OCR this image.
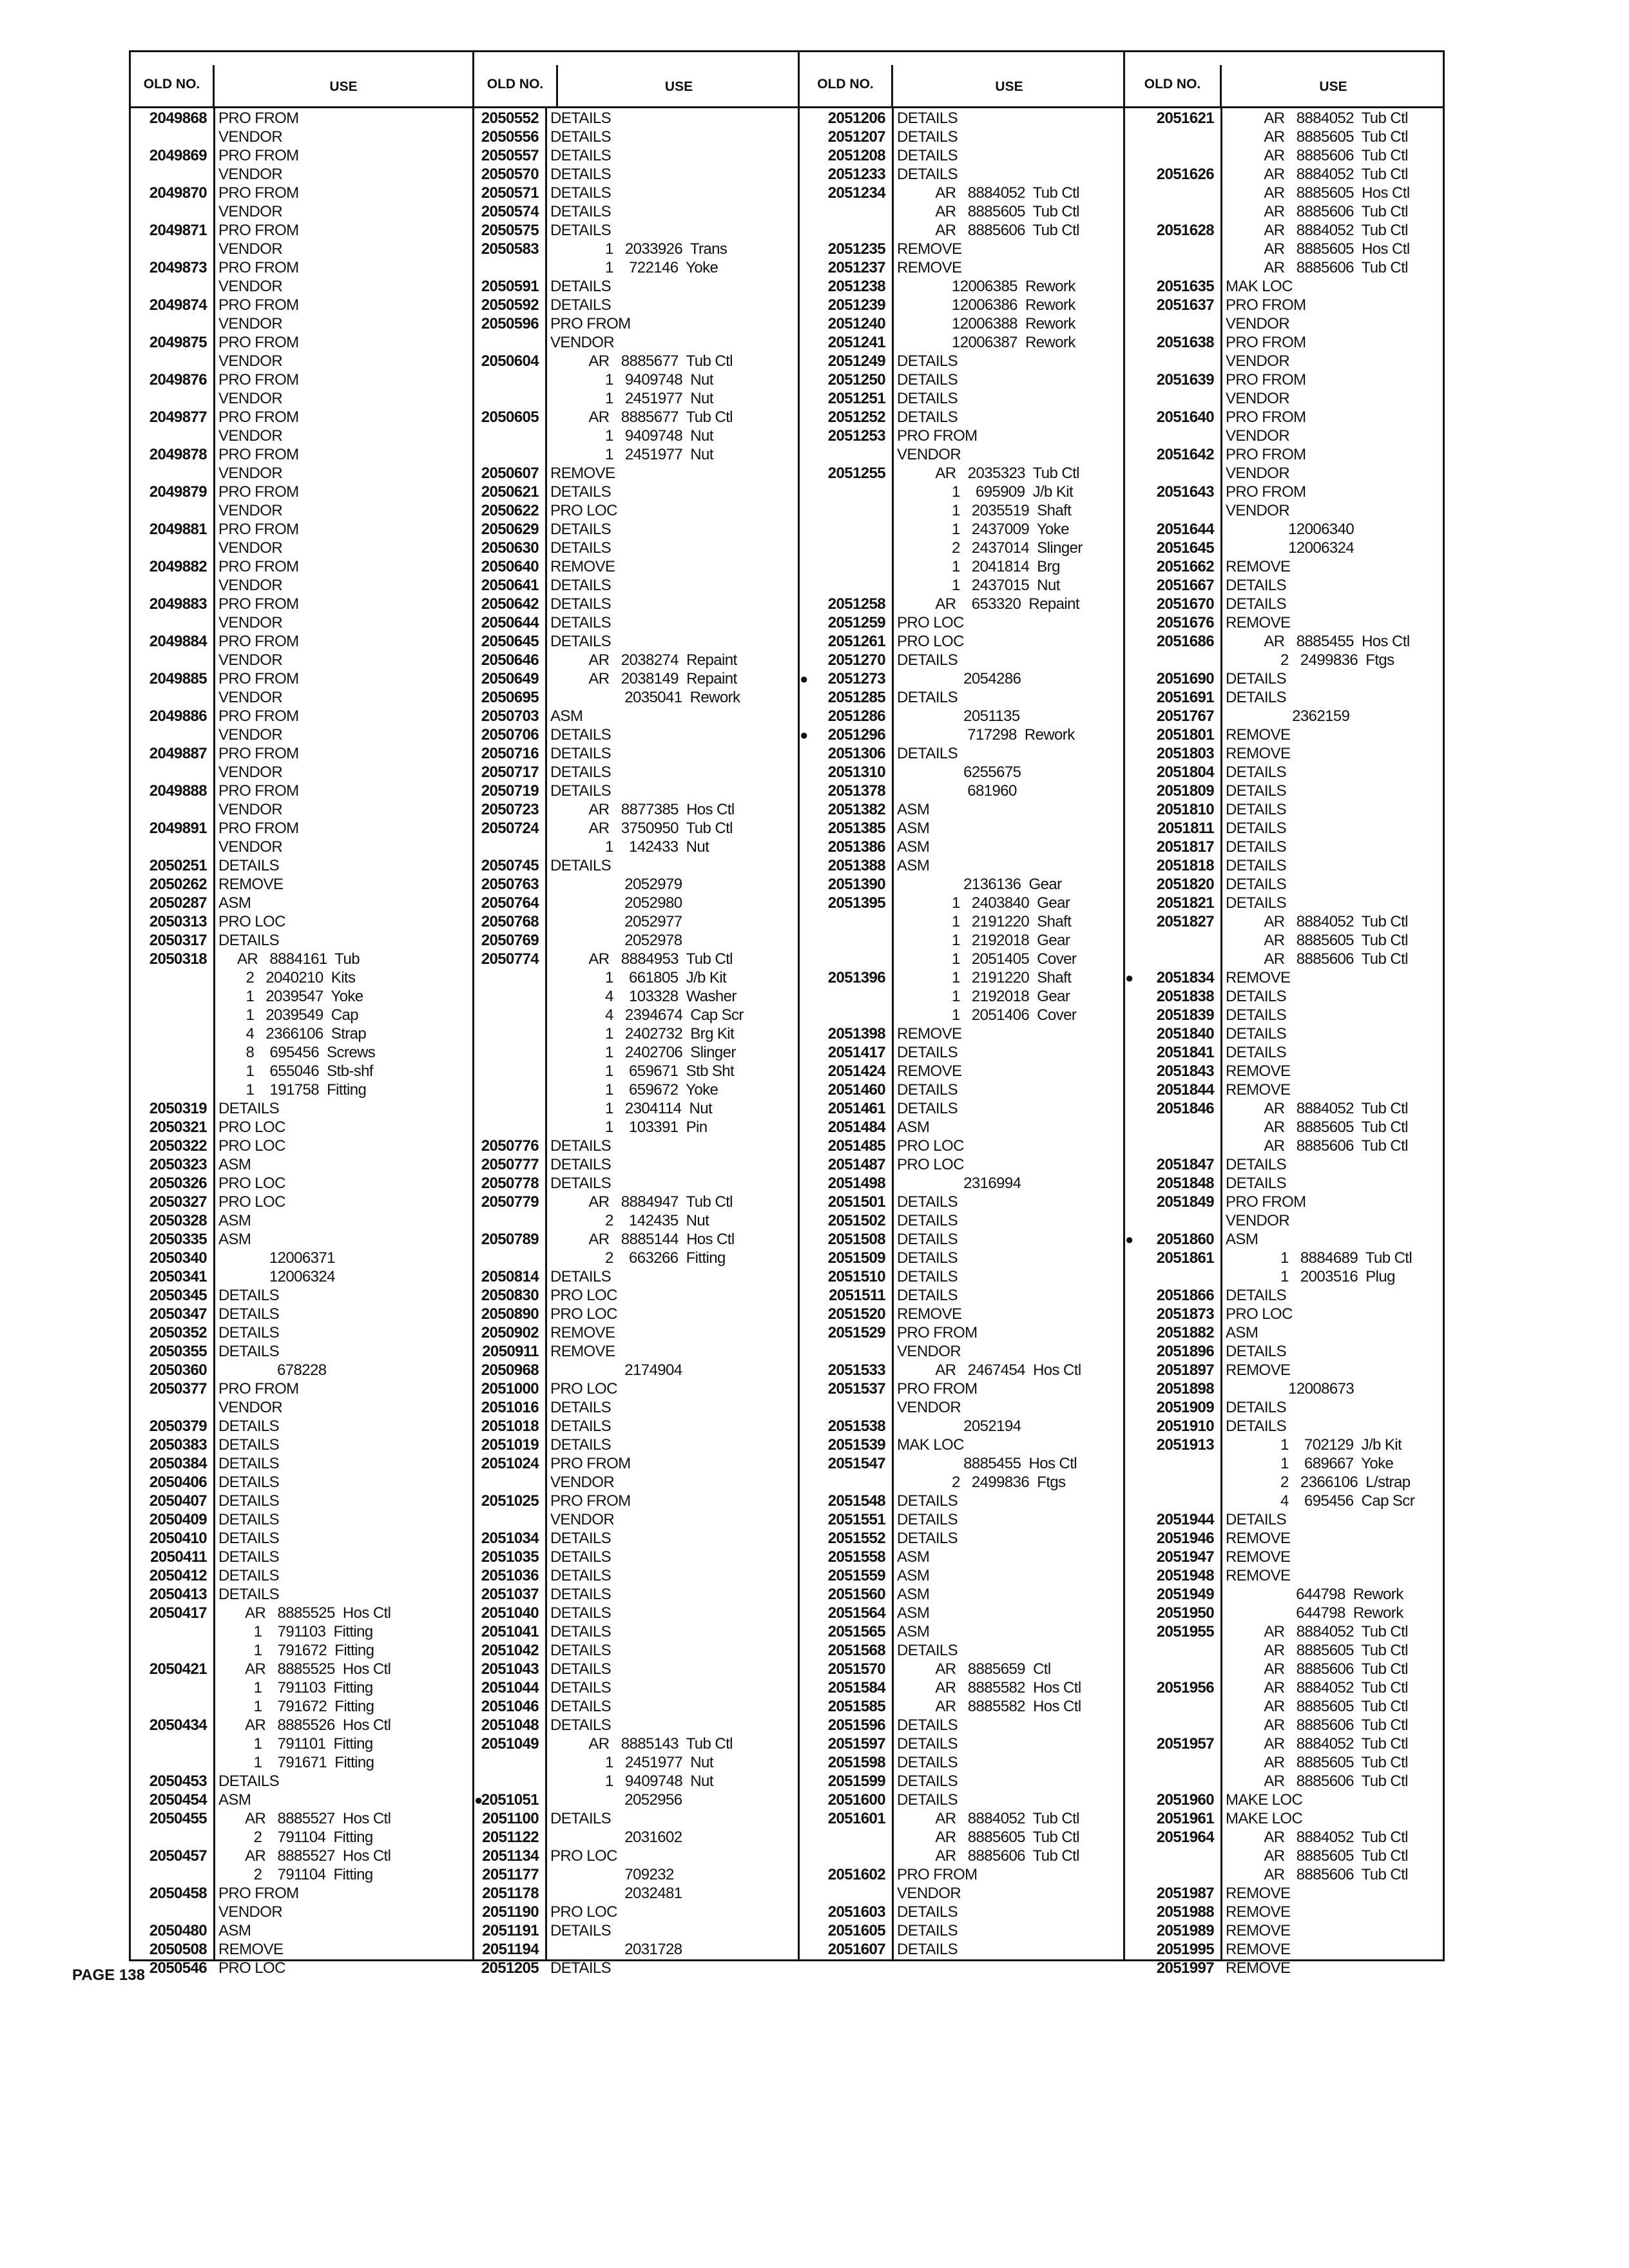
OLD NO.	USE
2049868 PRO FROM
VENDOR
2049869 PRO FROM
VENDOR
2049870 PRO FROM
VENDOR
2049871 PRO FROM
VENDOR
2049873 PRO FROM
VENDOR
2049874 PRO FROM
VENDOR
2049875 PRO FROM
VENDOR
2049876 PRO FROM
VENDOR
2049877 PRO FROM
VENDOR
2049878 PRO FROM
VENDOR
2049879 PRO FROM
VENDOR
2049881 PRO FROM
VENDOR
2049882 PRO FROM
VENDOR
2049883 PRO FROM
VENDOR
2049884 PRO FROM
VENDOR
2049885 PRO FROM
VENDOR
2049886 PRO FROM
VENDOR
2049887 PRO FROM
VENDOR
2049888 PRO FROM
VENDOR
2049891 PRO FROM
VENDOR
2050251 DETAILS
2050262 REMOVE
2050287 ASM
2050313 PRO LOC
2050317 DETAILS
2050318 AR   8884161  Tub
2   2040210  Kits
1   2039547  Yoke
1   2039549  Cap
4   2366106  Strap
8    695456  Screws
1    655046  Stb-shf
1    191758  Fitting
2050319 DETAILS
2050321 PRO LOC
2050322 PRO LOC
2050323 ASM
2050326 PRO LOC
2050327 PRO LOC
2050328 ASM
2050335 ASM
2050340 12006371
2050341 12006324
2050345 DETAILS
2050347 DETAILS
2050352 DETAILS
2050355 DETAILS
2050360 678228
2050377 PRO FROM
VENDOR
2050379 DETAILS
2050383 DETAILS
2050384 DETAILS
2050406 DETAILS
2050407 DETAILS
2050409 DETAILS
2050410 DETAILS
2050411 DETAILS
2050412 DETAILS
2050413 DETAILS
2050417 AR   8885525  Hos Ctl
1    791103  Fitting
1    791672  Fitting
2050421 AR   8885525  Hos Ctl
1    791103  Fitting
1    791672  Fitting
2050434 AR   8885526  Hos Ctl
1    791101  Fitting
1    791671  Fitting
2050453 DETAILS
2050454 ASM
2050455 AR   8885527  Hos Ctl
2    791104  Fitting
2050457 AR   8885527  Hos Ctl
2    791104  Fitting
2050458 PRO FROM
VENDOR
2050480 ASM
2050508 REMOVE
2050546 PRO LOC
OLD NO.	USE
2050552 DETAILS
2050556 DETAILS
2050557 DETAILS
2050570 DETAILS
2050571 DETAILS
2050574 DETAILS
2050575 DETAILS
2050583 1   2033926  Trans
1    722146  Yoke
2050591 DETAILS
2050592 DETAILS
2050596 PRO FROM
VENDOR
2050604 AR   8885677  Tub Ctl
1   9409748  Nut
1   2451977  Nut
2050605 AR   8885677  Tub Ctl
1   9409748  Nut
1   2451977  Nut
2050607 REMOVE
2050621 DETAILS
2050622 PRO LOC
2050629 DETAILS
2050630 DETAILS
2050640 REMOVE
2050641 DETAILS
2050642 DETAILS
2050644 DETAILS
2050645 DETAILS
2050646 AR   2038274  Repaint
2050649 AR   2038149  Repaint
2050695 2035041  Rework
2050703 ASM
2050706 DETAILS
2050716 DETAILS
2050717 DETAILS
2050719 DETAILS
2050723 AR   8877385  Hos Ctl
2050724 AR   3750950  Tub Ctl
1    142433  Nut
2050745 DETAILS
2050763 2052979
2050764 2052980
2050768 2052977
2050769 2052978
2050774 AR   8884953  Tub Ctl
1    661805  J/b Kit
4    103328  Washer
4   2394674  Cap Scr
1   2402732  Brg Kit
1   2402706  Slinger
1    659671  Stb Sht
1    659672  Yoke
1   2304114  Nut
1    103391  Pin
2050776 DETAILS
2050777 DETAILS
2050778 DETAILS
2050779 AR   8884947  Tub Ctl
2    142435  Nut
2050789 AR   8885144  Hos Ctl
2    663266  Fitting
2050814 DETAILS
2050830 PRO LOC
2050890 PRO LOC
2050902 REMOVE
2050911 REMOVE
2050968 2174904
2051000 PRO LOC
2051016 DETAILS
2051018 DETAILS
2051019 DETAILS
2051024 PRO FROM
VENDOR
2051025 PRO FROM
VENDOR
2051034 DETAILS
2051035 DETAILS
2051036 DETAILS
2051037 DETAILS
2051040 DETAILS
2051041 DETAILS
2051042 DETAILS
2051043 DETAILS
2051044 DETAILS
2051046 DETAILS
2051048 DETAILS
2051049 AR   8885143  Tub Ctl
1   2451977  Nut
1   9409748  Nut
● 2051051 2052956
2051100 DETAILS
2051122 2031602
2051134 PRO LOC
2051177 709232
2051178 2032481
2051190 PRO LOC
2051191 DETAILS
2051194 2031728
2051205 DETAILS
OLD NO.	USE
2051206 DETAILS
2051207 DETAILS
2051208 DETAILS
2051233 DETAILS
2051234 AR   8884052  Tub Ctl
AR   8885605  Tub Ctl
AR   8885606  Tub Ctl
2051235 REMOVE
2051237 REMOVE
2051238 12006385  Rework
2051239 12006386  Rework
2051240 12006388  Rework
2051241 12006387  Rework
2051249 DETAILS
2051250 DETAILS
2051251 DETAILS
2051252 DETAILS
2051253 PRO FROM
VENDOR
2051255 AR   2035323  Tub Ctl
1    695909  J/b Kit
1   2035519  Shaft
1   2437009  Yoke
2   2437014  Slinger
1   2041814  Brg
1   2437015  Nut
2051258 AR    653320  Repaint
2051259 PRO LOC
2051261 PRO LOC
2051270 DETAILS
● 2051273 2054286
2051285 DETAILS
2051286 2051135
● 2051296 717298  Rework
2051306 DETAILS
2051310 6255675
2051378 681960
2051382 ASM
2051385 ASM
2051386 ASM
2051388 ASM
2051390 2136136  Gear
2051395 1   2403840  Gear
1   2191220  Shaft
1   2192018  Gear
1   2051405  Cover
2051396 1   2191220  Shaft
1   2192018  Gear
1   2051406  Cover
2051398 REMOVE
2051417 DETAILS
2051424 REMOVE
2051460 DETAILS
2051461 DETAILS
2051484 ASM
2051485 PRO LOC
2051487 PRO LOC
2051498 2316994
2051501 DETAILS
2051502 DETAILS
2051508 DETAILS
2051509 DETAILS
2051510 DETAILS
2051511 DETAILS
2051520 REMOVE
2051529 PRO FROM
VENDOR
2051533 AR   2467454  Hos Ctl
2051537 PRO FROM
VENDOR
2051538 2052194
2051539 MAK LOC
2051547 8885455  Hos Ctl
2   2499836  Ftgs
2051548 DETAILS
2051551 DETAILS
2051552 DETAILS
2051558 ASM
2051559 ASM
2051560 ASM
2051564 ASM
2051565 ASM
2051568 DETAILS
2051570 AR   8885659  Ctl
2051584 AR   8885582  Hos Ctl
2051585 AR   8885582  Hos Ctl
2051596 DETAILS
2051597 DETAILS
2051598 DETAILS
2051599 DETAILS
2051600 DETAILS
2051601 AR   8884052  Tub Ctl
AR   8885605  Tub Ctl
AR   8885606  Tub Ctl
2051602 PRO FROM
VENDOR
2051603 DETAILS
2051605 DETAILS
2051607 DETAILS
OLD NO.	USE
2051621 AR   8884052  Tub Ctl
AR   8885605  Tub Ctl
AR   8885606  Tub Ctl
2051626 AR   8884052  Tub Ctl
AR   8885605  Hos Ctl
AR   8885606  Tub Ctl
2051628 AR   8884052  Tub Ctl
AR   8885605  Hos Ctl
AR   8885606  Tub Ctl
2051635 MAK LOC
2051637 PRO FROM
VENDOR
2051638 PRO FROM
VENDOR
2051639 PRO FROM
VENDOR
2051640 PRO FROM
VENDOR
2051642 PRO FROM
VENDOR
2051643 PRO FROM
VENDOR
2051644 12006340
2051645 12006324
2051662 REMOVE
2051667 DETAILS
2051670 DETAILS
2051676 REMOVE
2051686 AR   8885455  Hos Ctl
2   2499836  Ftgs
2051690 DETAILS
2051691 DETAILS
2051767 2362159
2051801 REMOVE
2051803 REMOVE
2051804 DETAILS
2051809 DETAILS
2051810 DETAILS
2051811 DETAILS
2051817 DETAILS
2051818 DETAILS
2051820 DETAILS
2051821 DETAILS
2051827 AR   8884052  Tub Ctl
AR   8885605  Tub Ctl
AR   8885606  Tub Ctl
● 2051834 REMOVE
2051838 DETAILS
2051839 DETAILS
2051840 DETAILS
2051841 DETAILS
2051843 REMOVE
2051844 REMOVE
2051846 AR   8884052  Tub Ctl
AR   8885605  Tub Ctl
AR   8885606  Tub Ctl
2051847 DETAILS
2051848 DETAILS
2051849 PRO FROM
VENDOR
● 2051860 ASM
2051861 1   8884689  Tub Ctl
1   2003516  Plug
2051866 DETAILS
2051873 PRO LOC
2051882 ASM
2051896 DETAILS
2051897 REMOVE
2051898 12008673
2051909 DETAILS
2051910 DETAILS
2051913 1    702129  J/b Kit
1    689667  Yoke
2   2366106  L/strap
4    695456  Cap Scr
2051944 DETAILS
2051946 REMOVE
2051947 REMOVE
2051948 REMOVE
2051949 644798  Rework
2051950 644798  Rework
2051955 AR   8884052  Tub Ctl
AR   8885605  Tub Ctl
AR   8885606  Tub Ctl
2051956 AR   8884052  Tub Ctl
AR   8885605  Tub Ctl
AR   8885606  Tub Ctl
2051957 AR   8884052  Tub Ctl
AR   8885605  Tub Ctl
AR   8885606  Tub Ctl
2051960 MAKE LOC
2051961 MAKE LOC
2051964 AR   8884052  Tub Ctl
AR   8885605  Tub Ctl
AR   8885606  Tub Ctl
2051987 REMOVE
2051988 REMOVE
2051989 REMOVE
2051995 REMOVE
2051997 REMOVE
PAGE 138
